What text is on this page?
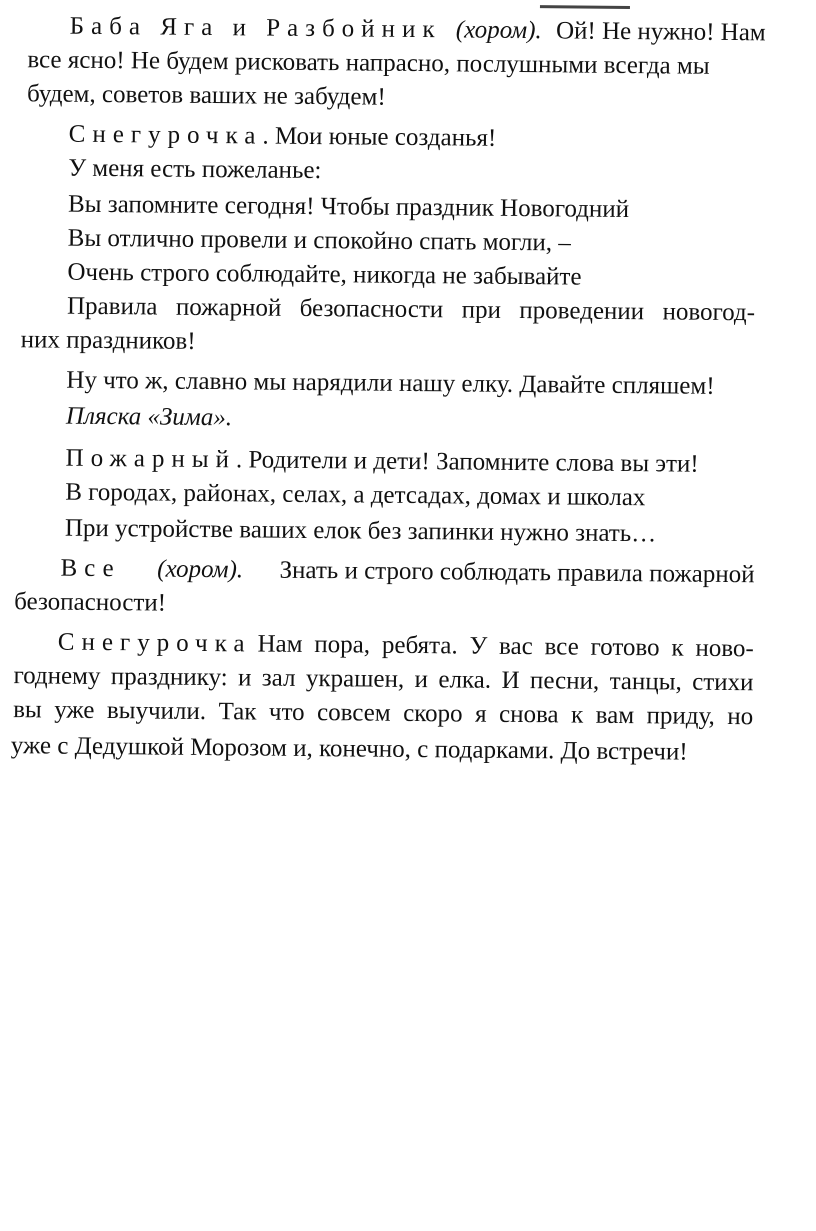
Баба Яга и Разбойник (хором). Ой! Не нужно! Нам
все ясно! Не будем рисковать напрасно, послушными всегда мы
будем, советов ваших не забудем!
Снегурочка. Мои юные созданья!
У меня есть пожеланье:
Вы запомните сегодня! Чтобы праздник Новогодний
Вы отлично провели и спокойно спать могли, –
Очень строго соблюдайте, никогда не забывайте
Правила пожарной безопасности при проведении новогод-
них праздников!
Ну что ж, славно мы нарядили нашу елку. Давайте спляшем!
Пляска «Зима».
Пожарный. Родители и дети! Запомните слова вы эти!
В городах, районах, селах, а детсадах, домах и школах
При устройстве ваших елок без запинки нужно знать…
Все (хором). Знать и строго соблюдать правила пожарной
безопасности!
Снегурочка Нам пора, ребята. У вас все готово к ново-
годнему празднику: и зал украшен, и елка. И песни, танцы, стихи
вы уже выучили. Так что совсем скоро я снова к вам приду, но
уже с Дедушкой Морозом и, конечно, с подарками. До встречи!
